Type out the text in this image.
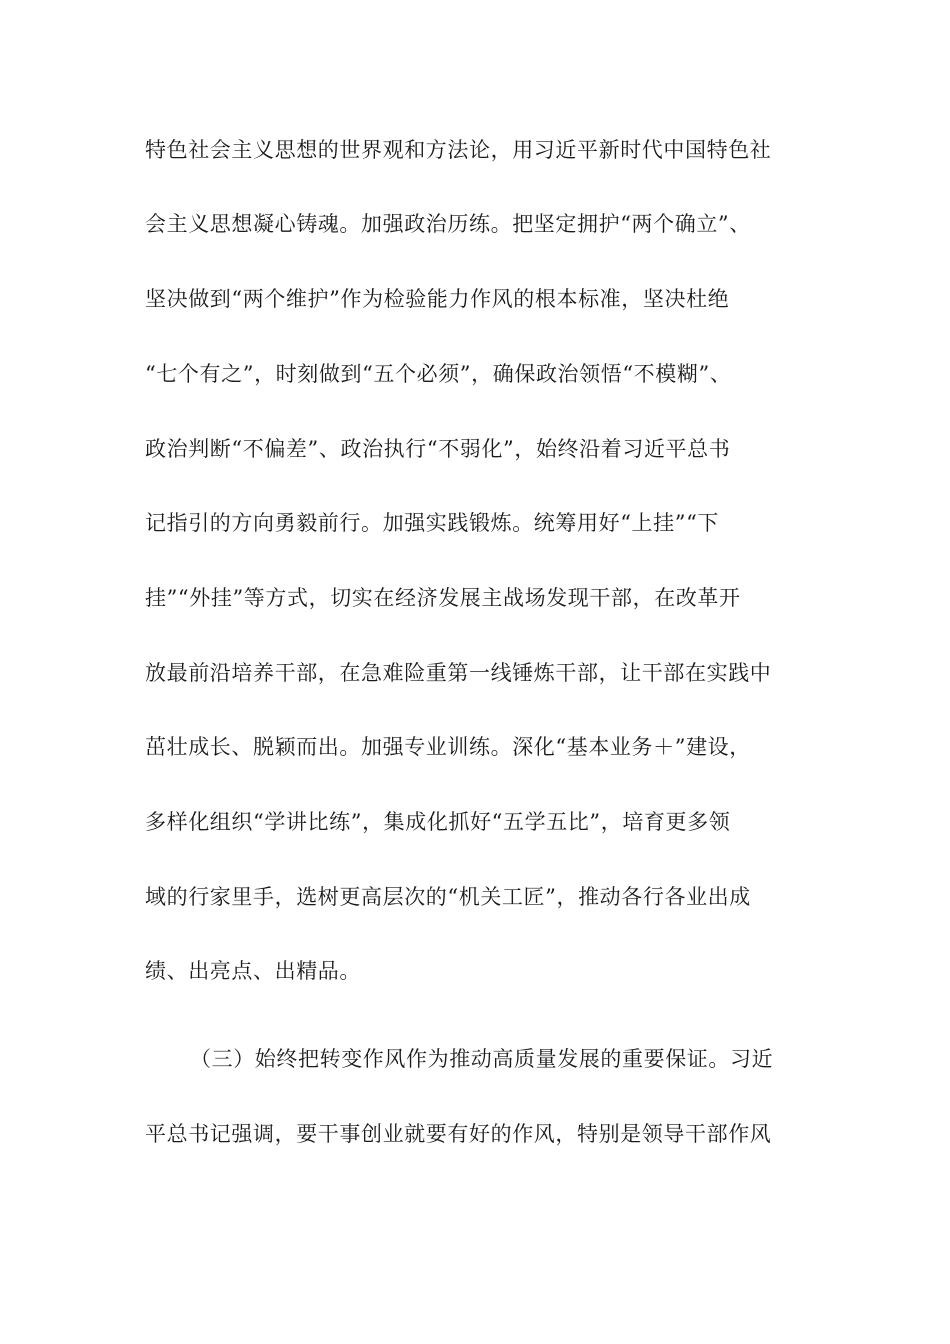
特色社会主义思想的世界观和方法论，用习近平新时代中国特色社
会主义思想凝心铸魂。加强政治历练。把坚定拥护“两个确立”、
坚决做到“两个维护”作为检验能力作风的根本标准，坚决杜绝
“七个有之”，时刻做到“五个必须”，确保政治领悟“不模糊”、
政治判断“不偏差”、政治执行“不弱化”，始终沿着习近平总书
记指引的方向勇毅前行。加强实践锻炼。统筹用好“上挂”“下
挂”“外挂”等方式，切实在经济发展主战场发现干部，在改革开
放最前沿培养干部，在急难险重第一线锤炼干部，让干部在实践中
茁壮成长、脱颖而出。加强专业训练。深化“基本业务＋”建设，
多样化组织“学讲比练”，集成化抓好“五学五比”，培育更多领
域的行家里手，选树更高层次的“机关工匠”，推动各行各业出成
绩、出亮点、出精品。
（三）始终把转变作风作为推动高质量发展的重要保证。习近
平总书记强调，要干事创业就要有好的作风，特别是领导干部作风
